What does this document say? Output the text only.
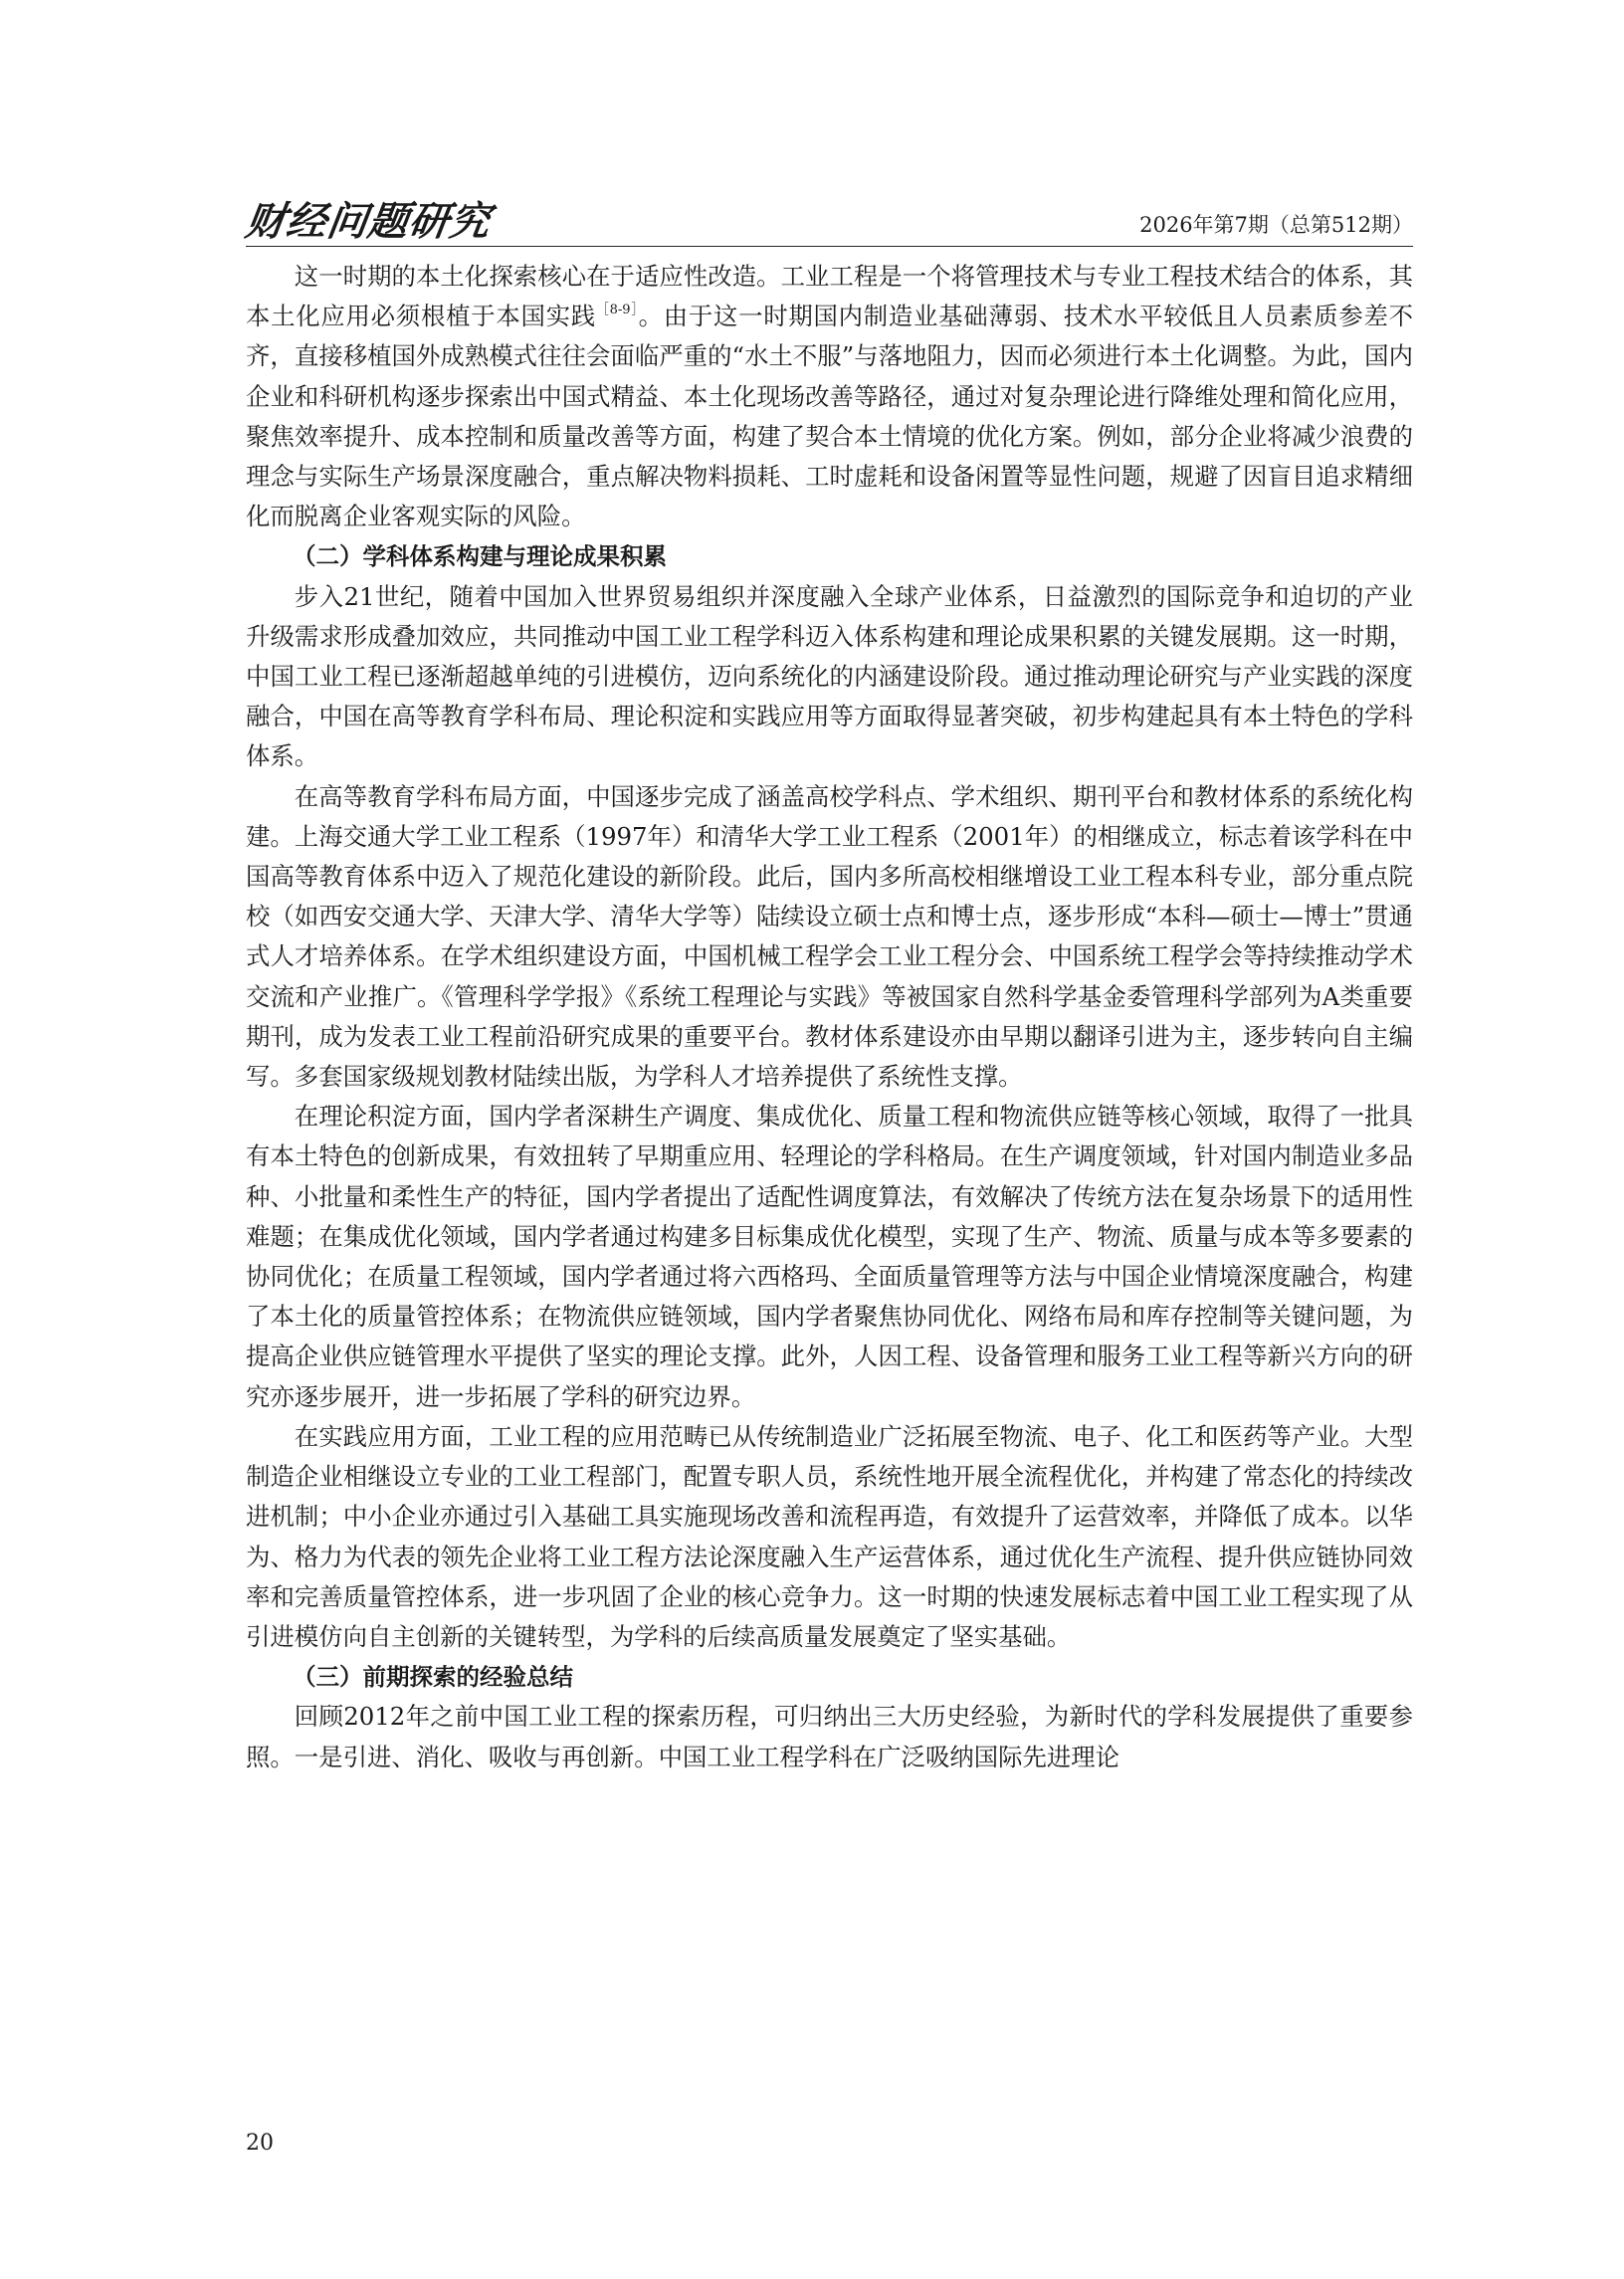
财经问题研究	2026年第7期（总第512期）

这一时期的本土化探索核心在于适应性改造。工业工程是一个将管理技术与专业工程技术结合的体系，其本土化应用必须根植于本国实践$^{[8-9]}$。由于这一时期国内制造业基础薄弱、技术水平较低且人员素质参差不齐，直接移植国外成熟模式往往会面临严重的“水土不服”与落地阻力，因而必须进行本土化调整。为此，国内企业和科研机构逐步探索出中国式精益、本土化现场改善等路径，通过对复杂理论进行降维处理和简化应用，聚焦效率提升、成本控制和质量改善等方面，构建了契合本土情境的优化方案。例如，部分企业将减少浪费的理念与实际生产场景深度融合，重点解决物料损耗、工时虚耗和设备闲置等显性问题，规避了因盲目追求精细化而脱离企业客观实际的风险。

（二）学科体系构建与理论成果积累

步入21世纪，随着中国加入世界贸易组织并深度融入全球产业体系，日益激烈的国际竞争和迫切的产业升级需求形成叠加效应，共同推动中国工业工程学科迈入体系构建和理论成果积累的关键发展期。这一时期，中国工业工程已逐渐超越单纯的引进模仿，迈向系统化的内涵建设阶段。通过推动理论研究与产业实践的深度融合，中国在高等教育学科布局、理论积淀和实践应用等方面取得显著突破，初步构建起具有本土特色的学科体系。

在高等教育学科布局方面，中国逐步完成了涵盖高校学科点、学术组织、期刊平台和教材体系的系统化构建。上海交通大学工业工程系（1997年）和清华大学工业工程系（2001年）的相继成立，标志着该学科在中国高等教育体系中迈入了规范化建设的新阶段。此后，国内多所高校相继增设工业工程本科专业，部分重点院校（如西安交通大学、天津大学、清华大学等）陆续设立硕士点和博士点，逐步形成“本科—硕士—博士”贯通式人才培养体系。在学术组织建设方面，中国机械工程学会工业工程分会、中国系统工程学会等持续推动学术交流和产业推广。《管理科学学报》《系统工程理论与实践》等被国家自然科学基金委管理科学部列为A类重要期刊，成为发表工业工程前沿研究成果的重要平台。教材体系建设亦由早期以翻译引进为主，逐步转向自主编写。多套国家级规划教材陆续出版，为学科人才培养提供了系统性支撑。

在理论积淀方面，国内学者深耕生产调度、集成优化、质量工程和物流供应链等核心领域，取得了一批具有本土特色的创新成果，有效扭转了早期重应用、轻理论的学科格局。在生产调度领域，针对国内制造业多品种、小批量和柔性生产的特征，国内学者提出了适配性调度算法，有效解决了传统方法在复杂场景下的适用性难题；在集成优化领域，国内学者通过构建多目标集成优化模型，实现了生产、物流、质量与成本等多要素的协同优化；在质量工程领域，国内学者通过将六西格玛、全面质量管理等方法与中国企业情境深度融合，构建了本土化的质量管控体系；在物流供应链领域，国内学者聚焦协同优化、网络布局和库存控制等关键问题，为提高企业供应链管理水平提供了坚实的理论支撑。此外，人因工程、设备管理和服务工业工程等新兴方向的研究亦逐步展开，进一步拓展了学科的研究边界。

在实践应用方面，工业工程的应用范畴已从传统制造业广泛拓展至物流、电子、化工和医药等产业。大型制造企业相继设立专业的工业工程部门，配置专职人员，系统性地开展全流程优化，并构建了常态化的持续改进机制；中小企业亦通过引入基础工具实施现场改善和流程再造，有效提升了运营效率，并降低了成本。以华为、格力为代表的领先企业将工业工程方法论深度融入生产运营体系，通过优化生产流程、提升供应链协同效率和完善质量管控体系，进一步巩固了企业的核心竞争力。这一时期的快速发展标志着中国工业工程实现了从引进模仿向自主创新的关键转型，为学科的后续高质量发展奠定了坚实基础。

（三）前期探索的经验总结

回顾2012年之前中国工业工程的探索历程，可归纳出三大历史经验，为新时代的学科发展提供了重要参照。一是引进、消化、吸收与再创新。中国工业工程学科在广泛吸纳国际先进理论

20
